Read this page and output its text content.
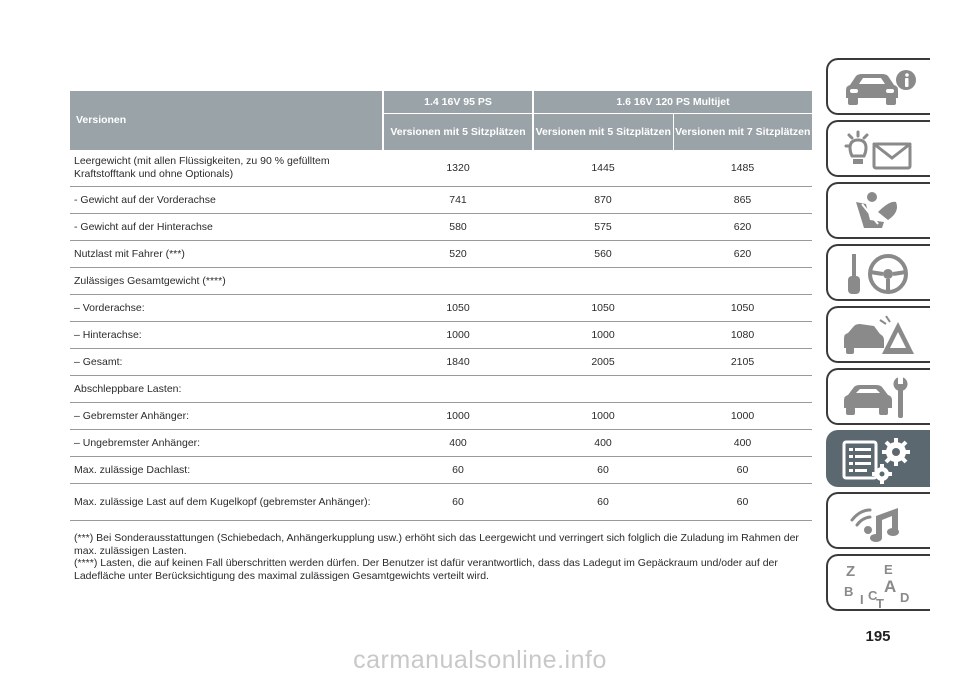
Versionen	1.4 16V 95 PS	1.6 16V 120 PS Multijet	
	Versionen mit 5 Sitzplätzen	Versionen mit 5 Sitzplätzen	Versionen mit 7 Sitzplätzen
Leergewicht (mit allen Flüssigkeiten, zu 90 % gefülltem Kraftstofftank und ohne Optionals)	1320	1445	1485
- Gewicht auf der Vorderachse	741	870	865
- Gewicht auf der Hinterachse	580	575	620
Nutzlast mit Fahrer (***)	520	560	620
Zulässiges Gesamtgewicht (****)			
– Vorderachse:	1050	1050	1050
– Hinterachse:	1000	1000	1080
– Gesamt:	1840	2005	2105
Abschleppbare Lasten:			
– Gebremster Anhänger:	1000	1000	1000
– Ungebremster Anhänger:	400	400	400
Max. zulässige Dachlast:	60	60	60
Max. zulässige Last auf dem Kugelkopf (gebremster Anhänger):	60	60	60

(***) Bei Sonderausstattungen (Schiebedach, Anhängerkupplung usw.) erhöht sich das Leergewicht und verringert sich folglich die Zuladung im Rahmen der max. zulässigen Lasten.

(****) Lasten, die auf keinen Fall überschritten werden dürfen. Der Benutzer ist dafür verantwortlich, dass das Ladegut im Gepäckraum und/oder auf der Ladefläche unter Berücksichtigung des maximal zulässigen Gesamtgewichts verteilt wird.	Z E
B A
I C
T D
195
carmanualsonline.info
